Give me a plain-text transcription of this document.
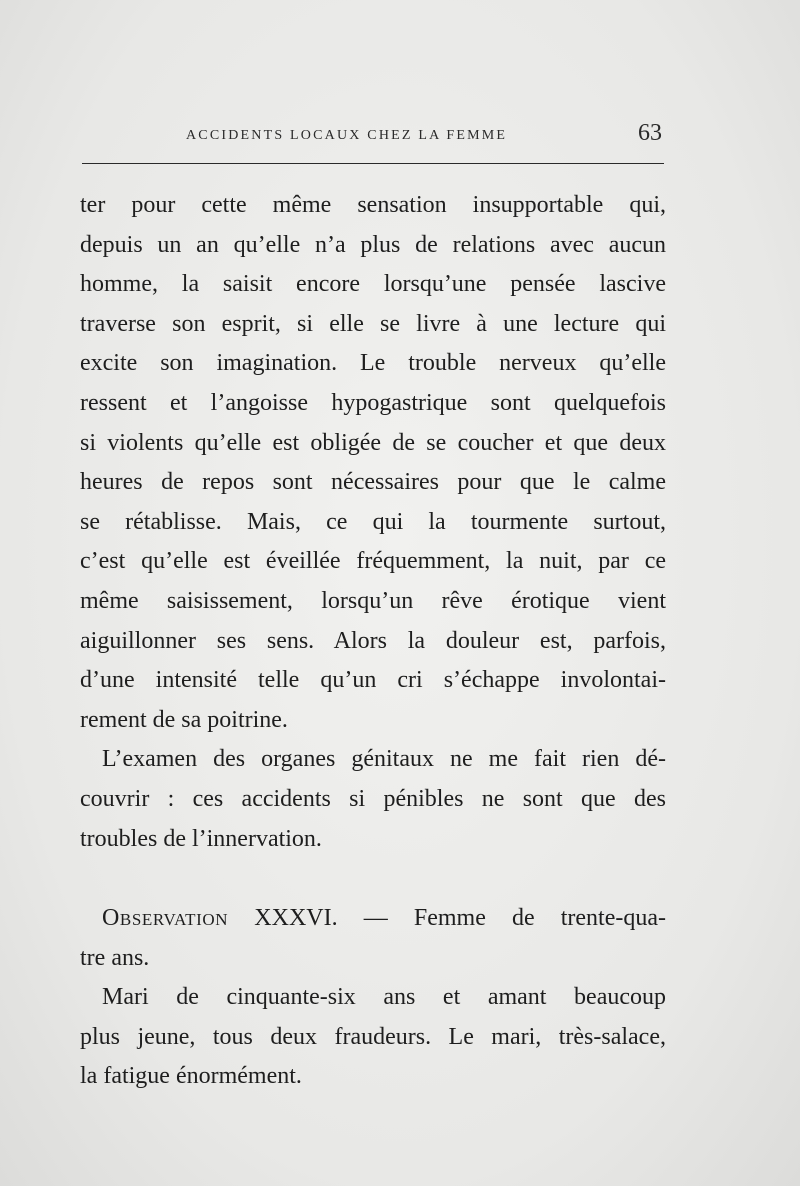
ACCIDENTS LOCAUX CHEZ LA FEMME	63
ter pour cette même sensation insupportable qui,
depuis un an qu’elle n’a plus de relations avec aucun
homme, la saisit encore lorsqu’une pensée lascive
traverse son esprit, si elle se livre à une lecture qui
excite son imagination. Le trouble nerveux qu’elle
ressent et l’angoisse hypogastrique sont quelquefois
si violents qu’elle est obligée de se coucher et que deux
heures de repos sont nécessaires pour que le calme
se rétablisse. Mais, ce qui la tourmente surtout,
c’est qu’elle est éveillée fréquemment, la nuit, par ce
même saisissement, lorsqu’un rêve érotique vient
aiguillonner ses sens. Alors la douleur est, parfois,
d’une intensité telle qu’un cri s’échappe involontai-
rement de sa poitrine.
L’examen des organes génitaux ne me fait rien dé-
couvrir : ces accidents si pénibles ne sont que des
troubles de l’innervation.
Observation XXXVI. — Femme de trente-qua-
tre ans.
Mari de cinquante-six ans et amant beaucoup
plus jeune, tous deux fraudeurs. Le mari, très-salace,
la fatigue énormément.
